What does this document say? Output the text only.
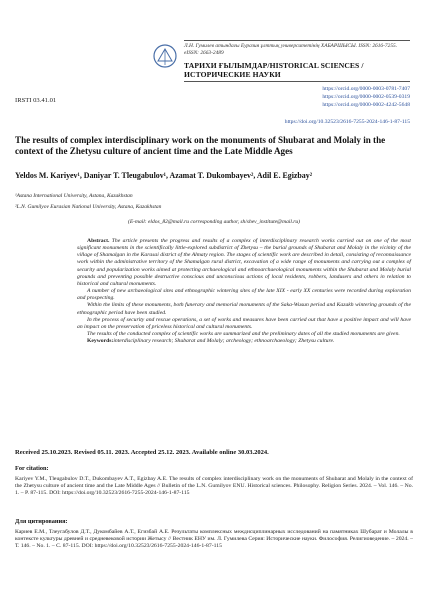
Л.Н. Гумилев атындағы Еуразия ұлттық университетінің ХАБАРШЫСЫ. ISSN: 2616-7255. eISSN: 2663-2489
ТАРИХИ ҒЫЛЫМДАР/HISTORICAL SCIENCES / ИСТОРИЧЕСКИЕ НАУКИ
IRSTI 03.41.01
https://orcid.org/0000-0003-0781-7407
https://orcid.org/0000-0002-0539-0319
https://orcid.org/0000-0002-4242-5648
https://doi.org/10.32523/2616-7255-2024-146-1-87-115
The results of complex interdisciplinary work on the monuments of Shubarat and Molaly in the context of the Zhetysu culture of ancient time and the Late Middle Ages
Yeldos M. Kariyev¹, Daniyar T. Tleugabulov¹, Azamat T. Dukombayev², Adil E. Egizbay²
¹Astana International University, Astana, Kazakhstan
²L.N. Gumilyov Eurasian National University, Astana, Kazakhstan
(E-mail: eldos_82@mail.ru corresponding author, sh/shev_institute@mail.ru)

Abstract. The article presents the progress and results of a complex of interdisciplinary research works carried out on one of the most significant monuments in the scientifically little-explored subdistrict of Zhetysu – the burial grounds of Shubarat and Molaly in the vicinity of the village of Shamalgan in the Karasai district of the Almaty region. The stages of scientific work are described in detail, consisting of reconnaissance work within the administrative territory of the Shamalgan rural district, excavation of a wide range of monuments and carrying out a complex of security and popularization works aimed at protecting archaeological and ethnoarchaeological monuments within the Shubarat and Molaly burial grounds and preventing possible destructive conscious and unconscious actions of local residents, robbers, landusers and others in relation to historical and cultural monuments.

A number of new archaeological sites and ethnographic wintering sites of the late XIX - early XX centuries were recorded during exploration and prospecting.

Within the limits of these monuments, both funerary and memorial monuments of the Saka-Wusun period and Kazakh wintering grounds of the ethnographic period have been studied.

In the process of security and rescue operations, a set of works and measures have been carried out that have a positive impact and will have an impact on the preservation of priceless historical and cultural monuments.

The results of the conducted complex of scientific works are summarized and the preliminary dates of all the studied monuments are given.

Keywords:interdisciplinary research; Shubarat and Molaly; archeology; ethnoarchaeology; Zhetysu culture.

Received 25.10.2023. Revised 05.11. 2023. Accepted 25.12. 2023. Available online 30.03.2024.
For citation:
Kariyev Y.M., Tleugabulov D.T., Dukombayev A.T., Egizbay A.E. The results of complex interdisciplinary work on the monuments of Shubarat and Molaly in the context of the Zhetysu culture of ancient time and the Late Middle Ages // Bulletin of the L.N. Gumilyov ENU. Historical sciences. Philosophy. Religion Series. 2024. – Vol. 146. – No. 1. – P. 87-115. DOI: https://doi.org/10.32523/2616-7255-2024-146-1-87-115
Для цитирования:
Кариев Е.М., Тлеугабулов Д.Т., Дукомбайев А.Т., Егизбай А.Е. Результаты комплексных междисциплинарных исследований на памятниках Шубарат и Молалы в контексте культуры древней и средневековой истории Жетысу // Вестник ЕНУ им. Л. Гумилева Серия: Исторические науки. Философия. Религиоведение. – 2024. – Т. 146. – No. 1. – С. 87-115. DOI: https://doi.org/10.32523/2616-7255-2024-146-1-87-115
